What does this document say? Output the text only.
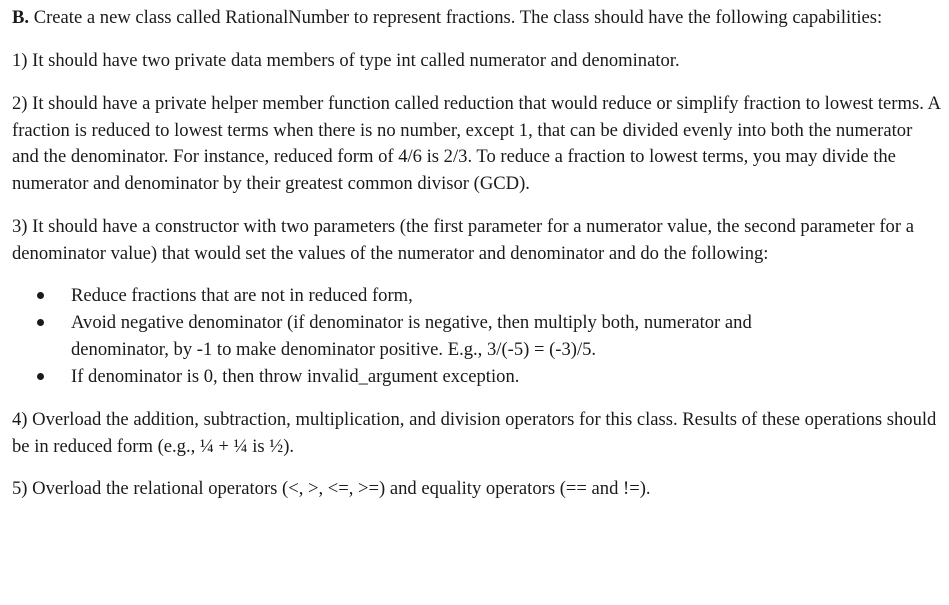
B. Create a new class called RationalNumber to represent fractions. The class should have the following capabilities:

1) It should have two private data members of type int called numerator and denominator.

2) It should have a private helper member function called reduction that would reduce or simplify fraction to lowest terms. A fraction is reduced to lowest terms when there is no number, except 1, that can be divided evenly into both the numerator and the denominator. For instance, reduced form of 4/6 is 2/3. To reduce a fraction to lowest terms, you may divide the numerator and denominator by their greatest common divisor (GCD).

3) It should have a constructor with two parameters (the first parameter for a numerator value, the second parameter for a denominator value) that would set the values of the numerator and denominator and do the following:

Reduce fractions that are not in reduced form,
Avoid negative denominator (if denominator is negative, then multiply both, numerator and denominator, by -1 to make denominator positive. E.g., 3/(-5) = (-3)/5.
If denominator is 0, then throw invalid_argument exception.

4) Overload the addition, subtraction, multiplication, and division operators for this class. Results of these operations should be in reduced form (e.g., ¼ + ¼ is ½).

5) Overload the relational operators (<, >, <=, >=) and equality operators (== and !=).
